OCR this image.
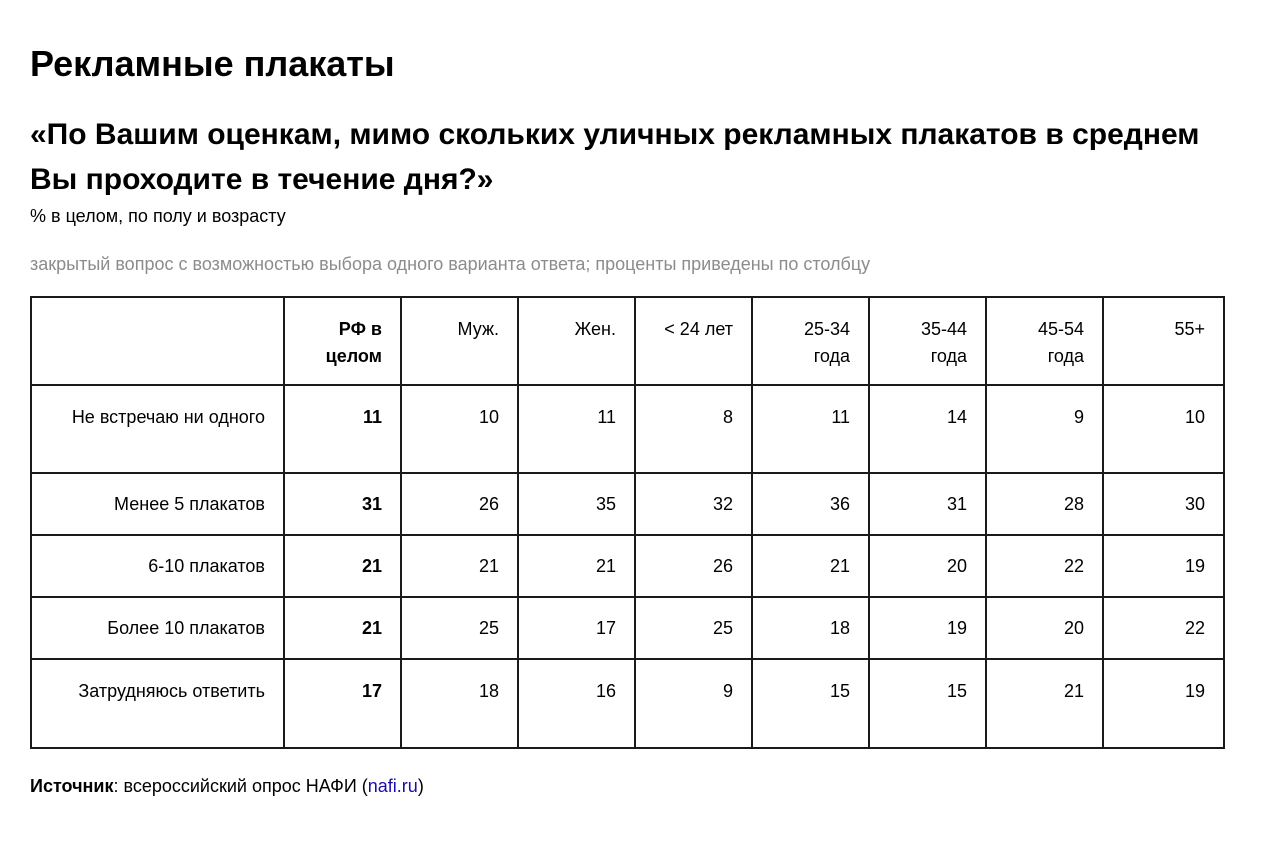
Рекламные плакаты
«По Вашим оценкам, мимо скольких уличных рекламных плакатов в среднем Вы проходите в течение дня?»
% в целом, по полу и возрасту
закрытый вопрос с возможностью выбора одного варианта ответа; проценты приведены по столбцу
	РФ в целом	Муж.	Жен.	< 24 лет	25-34 года	35-44 года	45-54 года	55+
Не встречаю ни одного	11	10	11	8	11	14	9	10
Менее 5 плакатов	31	26	35	32	36	31	28	30
6-10 плакатов	21	21	21	26	21	20	22	19
Более 10 плакатов	21	25	17	25	18	19	20	22
Затрудняюсь ответить	17	18	16	9	15	15	21	19
Источник: всероссийский опрос НАФИ (nafi.ru)
